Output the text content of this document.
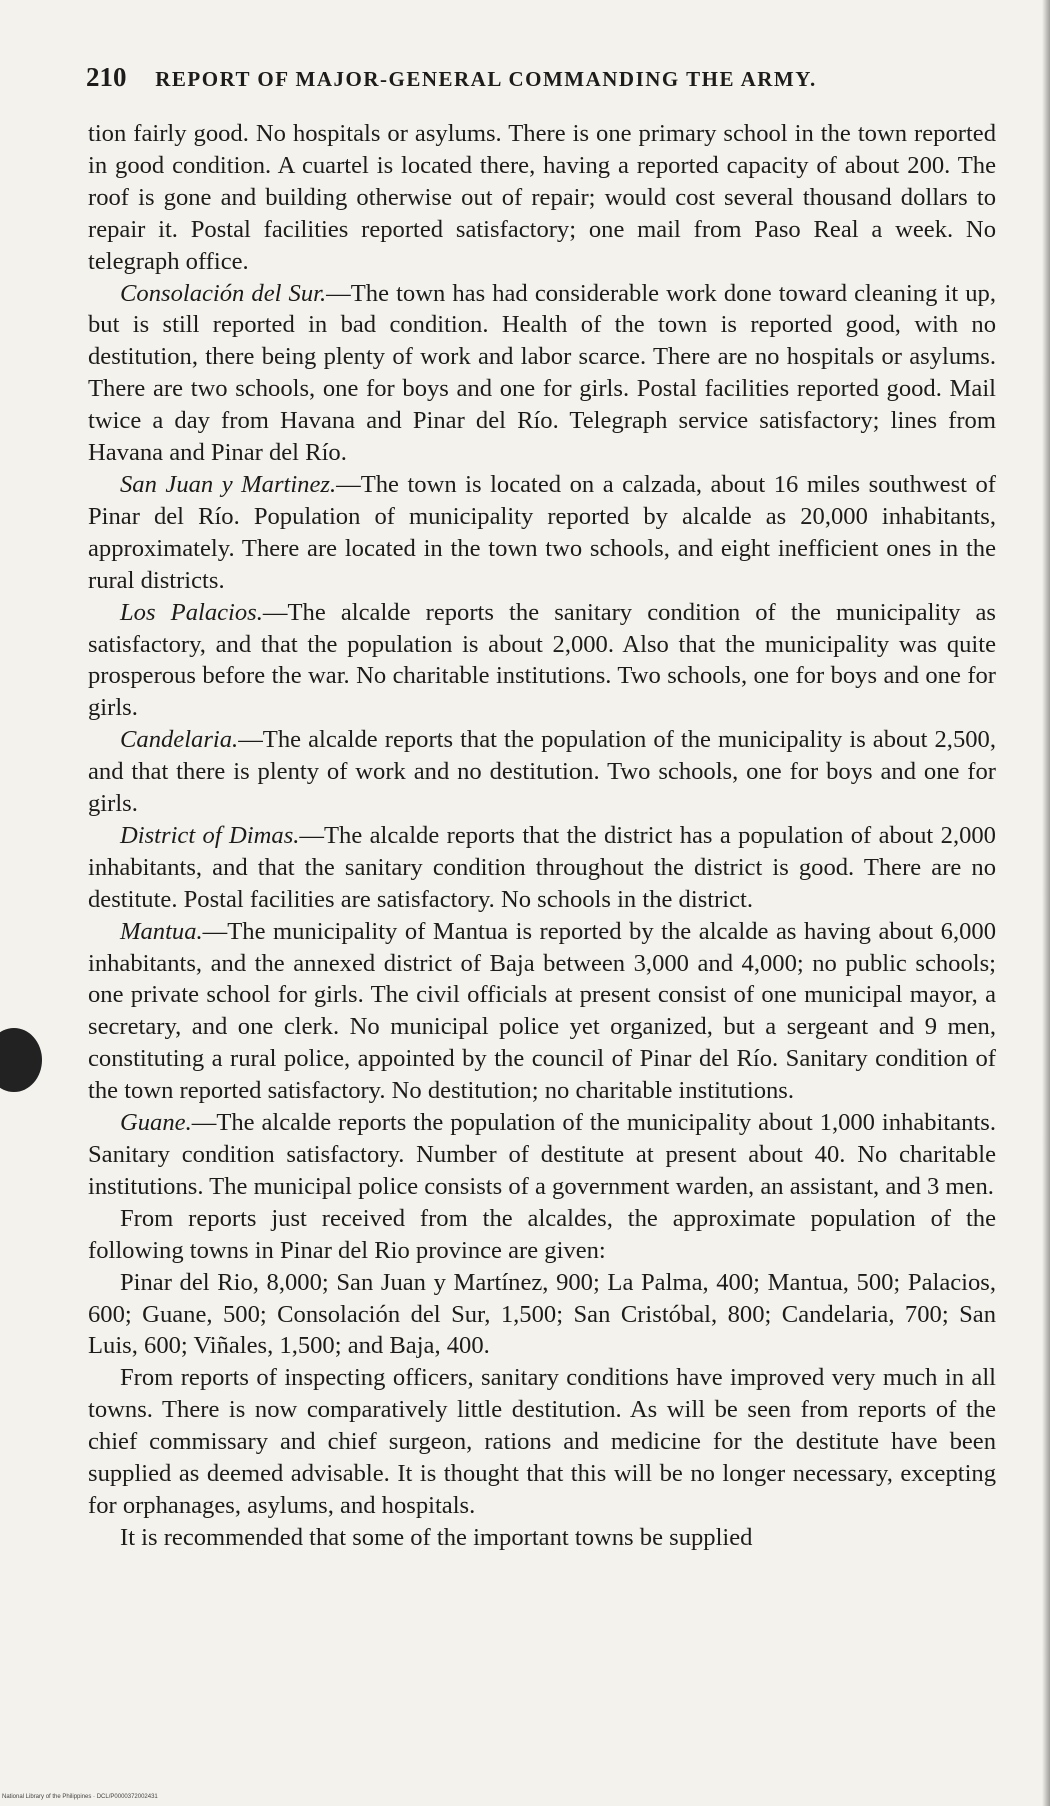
210 REPORT OF MAJOR-GENERAL COMMANDING THE ARMY.

tion fairly good. No hospitals or asylums. There is one primary school in the town reported in good condition. A cuartel is located there, having a reported capacity of about 200. The roof is gone and building otherwise out of repair; would cost several thousand dollars to repair it. Postal facilities reported satisfactory; one mail from Paso Real a week. No telegraph office.

Consolación del Sur.—The town has had considerable work done toward cleaning it up, but is still reported in bad condition. Health of the town is reported good, with no destitution, there being plenty of work and labor scarce. There are no hospitals or asylums. There are two schools, one for boys and one for girls. Postal facilities reported good. Mail twice a day from Havana and Pinar del Río. Telegraph service satisfactory; lines from Havana and Pinar del Río.

San Juan y Martinez.—The town is located on a calzada, about 16 miles southwest of Pinar del Río. Population of municipality reported by alcalde as 20,000 inhabitants, approximately. There are located in the town two schools, and eight inefficient ones in the rural districts.

Los Palacios.—The alcalde reports the sanitary condition of the municipality as satisfactory, and that the population is about 2,000. Also that the municipality was quite prosperous before the war. No charitable institutions. Two schools, one for boys and one for girls.

Candelaria.—The alcalde reports that the population of the municipality is about 2,500, and that there is plenty of work and no destitution. Two schools, one for boys and one for girls.

District of Dimas.—The alcalde reports that the district has a population of about 2,000 inhabitants, and that the sanitary condition throughout the district is good. There are no destitute. Postal facilities are satisfactory. No schools in the district.

Mantua.—The municipality of Mantua is reported by the alcalde as having about 6,000 inhabitants, and the annexed district of Baja between 3,000 and 4,000; no public schools; one private school for girls. The civil officials at present consist of one municipal mayor, a secretary, and one clerk. No municipal police yet organized, but a sergeant and 9 men, constituting a rural police, appointed by the council of Pinar del Río. Sanitary condition of the town reported satisfactory. No destitution; no charitable institutions.

Guane.—The alcalde reports the population of the municipality about 1,000 inhabitants. Sanitary condition satisfactory. Number of destitute at present about 40. No charitable institutions. The municipal police consists of a government warden, an assistant, and 3 men.

From reports just received from the alcaldes, the approximate population of the following towns in Pinar del Rio province are given:

Pinar del Rio, 8,000; San Juan y Martínez, 900; La Palma, 400; Mantua, 500; Palacios, 600; Guane, 500; Consolación del Sur, 1,500; San Cristóbal, 800; Candelaria, 700; San Luis, 600; Viñales, 1,500; and Baja, 400.

From reports of inspecting officers, sanitary conditions have improved very much in all towns. There is now comparatively little destitution. As will be seen from reports of the chief commissary and chief surgeon, rations and medicine for the destitute have been supplied as deemed advisable. It is thought that this will be no longer necessary, excepting for orphanages, asylums, and hospitals.

It is recommended that some of the important towns be supplied

National Library of the Philippines · DCL/P0000372002431
